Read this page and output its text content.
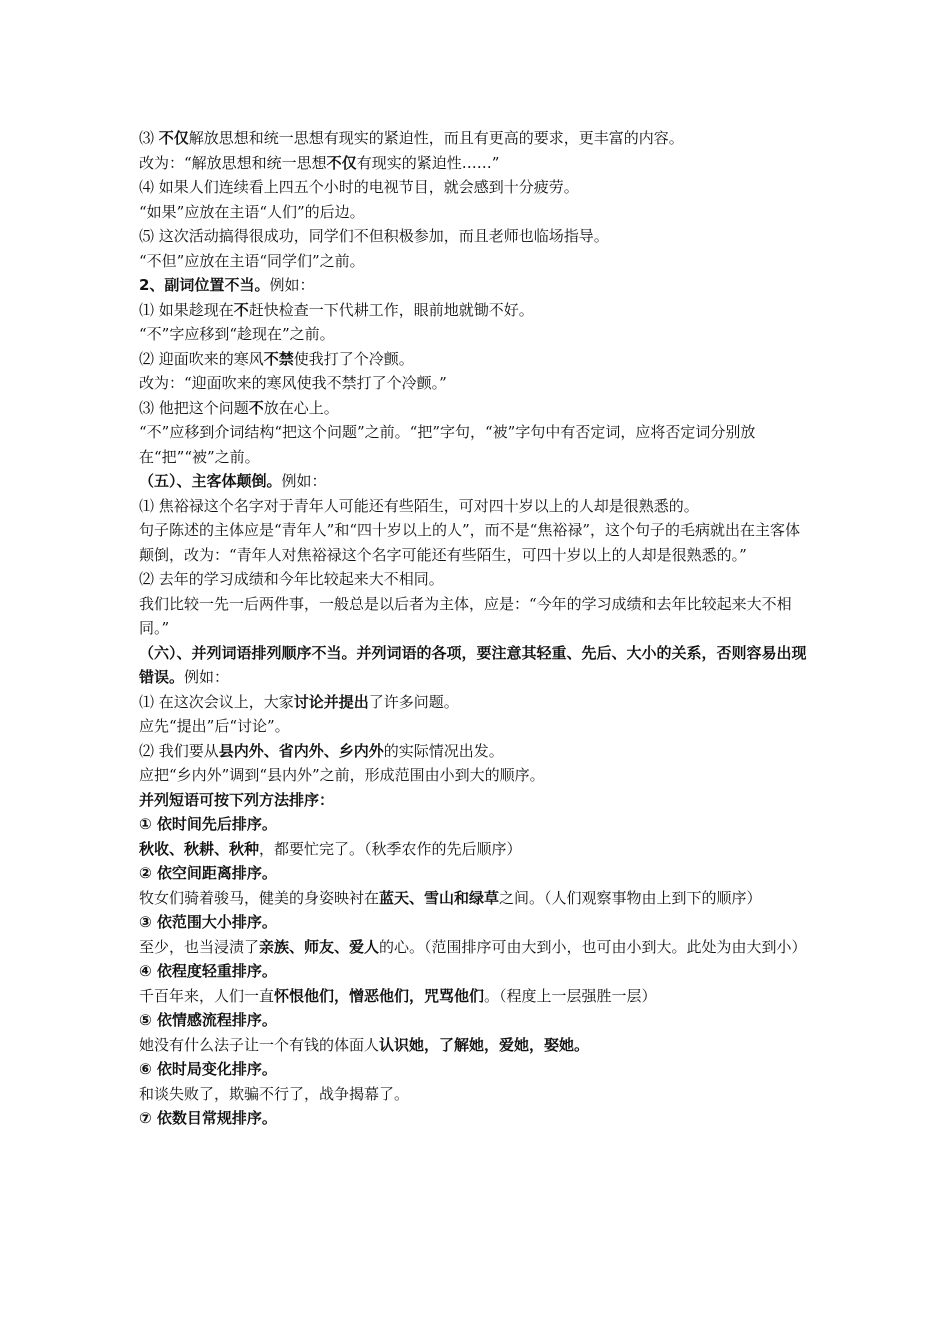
⑶ 不仅解放思想和统一思想有现实的紧迫性，而且有更高的要求，更丰富的内容。

改为：“解放思想和统一思想不仅有现实的紧迫性……”

⑷ 如果人们连续看上四五个小时的电视节目，就会感到十分疲劳。

“如果”应放在主语“人们”的后边。

⑸ 这次活动搞得很成功，同学们不但积极参加，而且老师也临场指导。

“不但”应放在主语“同学们”之前。

2、副词位置不当。例如：

⑴ 如果趁现在不赶快检查一下代耕工作，眼前地就锄不好。

“不”字应移到“趁现在”之前。

⑵ 迎面吹来的寒风不禁使我打了个冷颤。

改为：“迎面吹来的寒风使我不禁打了个冷颤。”

⑶ 他把这个问题不放在心上。

“不”应移到介词结构“把这个问题”之前。“把”字句，“被”字句中有否定词，应将否定词分别放在“把”“被”之前。

（五）、主客体颠倒。例如：

⑴ 焦裕禄这个名字对于青年人可能还有些陌生，可对四十岁以上的人却是很熟悉的。

句子陈述的主体应是“青年人”和“四十岁以上的人”，而不是“焦裕禄”，这个句子的毛病就出在主客体颠倒，改为：“青年人对焦裕禄这个名字可能还有些陌生，可四十岁以上的人却是很熟悉的。”

⑵ 去年的学习成绩和今年比较起来大不相同。

我们比较一先一后两件事，一般总是以后者为主体，应是：“今年的学习成绩和去年比较起来大不相同。”

（六）、并列词语排列顺序不当。并列词语的各项，要注意其轻重、先后、大小的关系，否则容易出现错误。例如：

⑴ 在这次会议上，大家讨论并提出了许多问题。

应先“提出”后“讨论”。

⑵ 我们要从县内外、省内外、乡内外的实际情况出发。

应把“乡内外”调到“县内外”之前，形成范围由小到大的顺序。

并列短语可按下列方法排序：

① 依时间先后排序。

秋收、秋耕、秋种，都要忙完了。（秋季农作的先后顺序）

② 依空间距离排序。

牧女们骑着骏马，健美的身姿映衬在蓝天、雪山和绿草之间。（人们观察事物由上到下的顺序）

③ 依范围大小排序。

至少，也当浸渍了亲族、师友、爱人的心。（范围排序可由大到小，也可由小到大。此处为由大到小）

④ 依程度轻重排序。

千百年来，人们一直怀恨他们，憎恶他们，咒骂他们。（程度上一层强胜一层）

⑤ 依情感流程排序。

她没有什么法子让一个有钱的体面人认识她，了解她，爱她，娶她。

⑥ 依时局变化排序。

和谈失败了，欺骗不行了，战争揭幕了。

⑦ 依数目常规排序。
